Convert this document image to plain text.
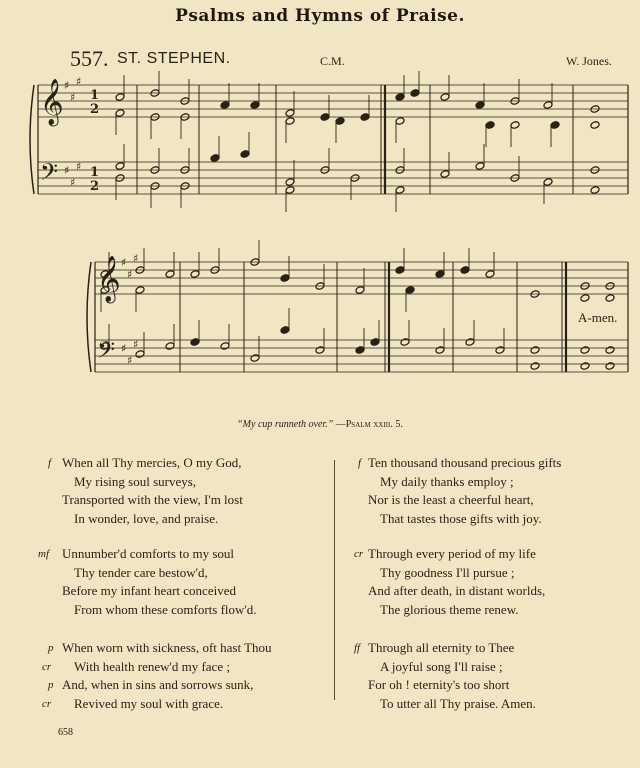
Psalms and Hymns of Praise.
557. ST. STEPHEN.	C.M.	W. Jones.
𝄞 ♯
♯
♯
𝄢 ♯
♯
♯
𝄞 ♯
♯
♯
𝄢 ♯
♯
♯
1
2
1
2
A-men.
“My cup runneth over.” —Psalm xxiii. 5.
f When all Thy mercies, O my God,
My rising soul surveys,
Transported with the view, I'm lost
In wonder, love, and praise.
mf Unnumber'd comforts to my soul
Thy tender care bestow'd,
Before my infant heart conceived
From whom these comforts flow'd.
p When worn with sickness, oft hast Thou
cr With health renew'd my face ;
p And, when in sins and sorrows sunk,
cr Revived my soul with grace.
f Ten thousand thousand precious gifts
My daily thanks employ ;
Nor is the least a cheerful heart,
That tastes those gifts with joy.
cr Through every period of my life
Thy goodness I'll pursue ;
And after death, in distant worlds,
The glorious theme renew.
ff Through all eternity to Thee
A joyful song I'll raise ;
For oh ! eternity's too short
To utter all Thy praise. Amen.
658
